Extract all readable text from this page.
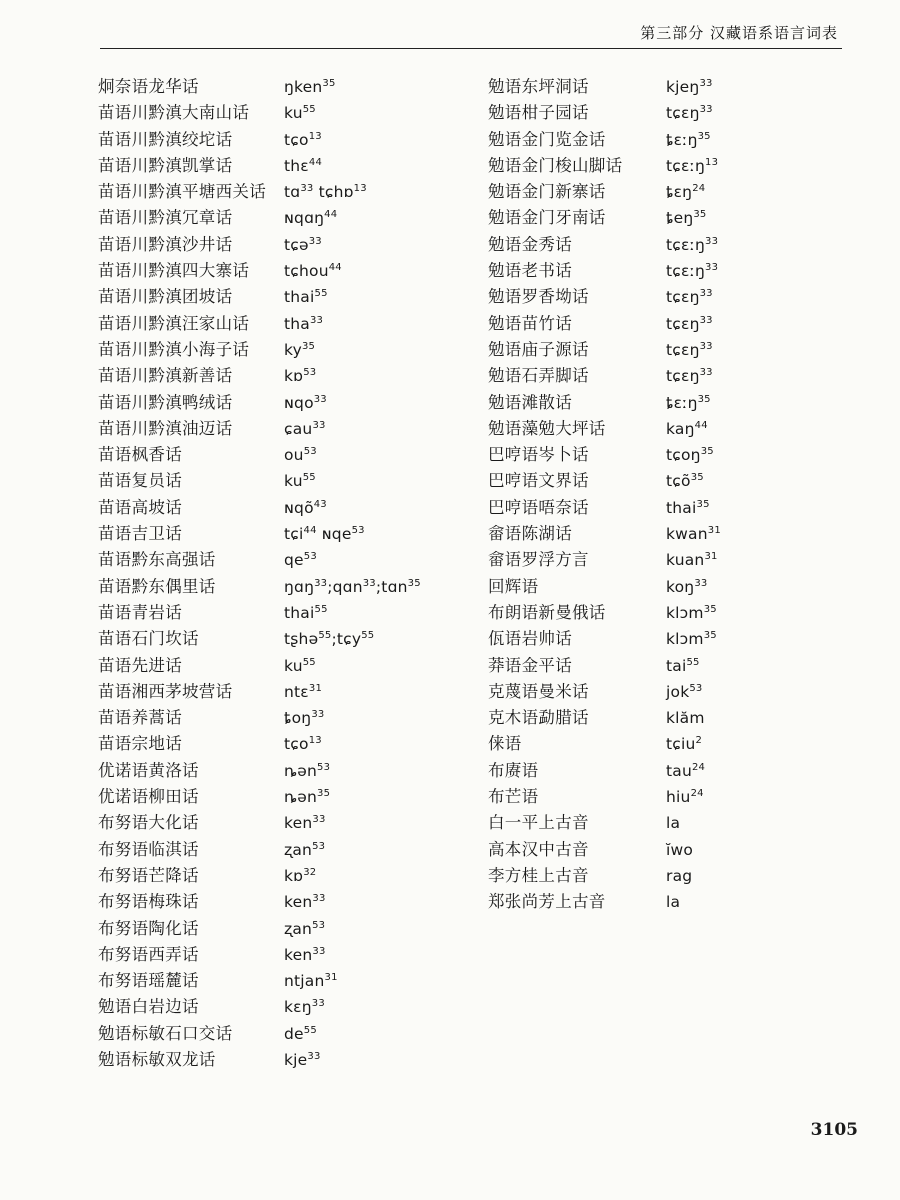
第三部分 汉藏语系语言词表
炯奈语龙华话	ŋken$^{35}$
苗语川黔滇大南山话	$ku^{55}$
苗语川黔滇绞坨话	tɕo$^{13}$
苗语川黔滇凯掌话	thɛ$^{44}$
苗语川黔滇平塘西关话	tɑ$^{33}$ tɕhɒ$^{13}$
苗语川黔滇冗章话	ɴqɑŋ$^{44}$
苗语川黔滇沙井话	tɕə$^{33}$
苗语川黔滇四大寨话	tɕhou$^{44}$
苗语川黔滇团坡话	thai$^{55}$
苗语川黔滇汪家山话	tha$^{33}$
苗语川黔滇小海子话	$ky^{35}$
苗语川黔滇新善话	kɒ$^{53}$
苗语川黔滇鸭绒话	ɴqo$^{33}$
苗语川黔滇油迈话	ɕau$^{33}$
苗语枫香话	$ou^{53}$
苗语复员话	$ku^{55}$
苗语高坡话	ɴqõ$^{43}$
苗语吉卫话	tɕi$^{44}$ ɴqe$^{53}$
苗语黔东高强话	$qe^{53}$
苗语黔东偶里话	ŋɑŋ$^{33}$;qɑn$^{33}$;tɑn$^{35}$
苗语青岩话	thai$^{55}$
苗语石门坎话	tʂhə$^{55}$;tɕy$^{55}$
苗语先进话	$ku^{55}$
苗语湘西茅坡营话	ntɛ$^{31}$
苗语养蒿话	ȶoŋ$^{33}$
苗语宗地话	tɕo$^{13}$
优诺语黄洛话	ȵən$^{53}$
优诺语柳田话	ȵən$^{35}$
布努语大化话	ken$^{33}$
布努语临淇话	ʐan$^{53}$
布努语芒降话	kɒ$^{32}$
布努语梅珠话	ken$^{33}$
布努语陶化话	ʐan$^{53}$
布努语西弄话	ken$^{33}$
布努语瑶麓话	ntjan$^{31}$
勉语白岩边话	kɛŋ$^{33}$
勉语标敏石口交话	$de^{55}$
勉语标敏双龙话	kje$^{33}$
勉语东坪洞话	kjeŋ$^{33}$
勉语柑子园话	tɕɛŋ$^{33}$
勉语金门览金话	ȶɛːŋ$^{35}$
勉语金门梭山脚话	tɕɛːŋ$^{13}$
勉语金门新寨话	ȶɛŋ$^{24}$
勉语金门牙南话	ȶeŋ$^{35}$
勉语金秀话	tɕɛːŋ$^{33}$
勉语老书话	tɕɛːŋ$^{33}$
勉语罗香坳话	tɕɛŋ$^{33}$
勉语苗竹话	tɕɛŋ$^{33}$
勉语庙子源话	tɕɛŋ$^{33}$
勉语石弄脚话	tɕɛŋ$^{33}$
勉语滩散话	ȶɛːŋ$^{35}$
勉语藻勉大坪话	kaŋ$^{44}$
巴哼语岑卜话	tɕoŋ$^{35}$
巴哼语文界话	tɕõ$^{35}$
巴哼语唔奈话	thai$^{35}$
畲语陈湖话	kwan$^{31}$
畲语罗浮方言	kuan$^{31}$
回辉语	koŋ$^{33}$
布朗语新曼俄话	klɔm$^{35}$
佤语岩帅话	klɔm$^{35}$
莽语金平话	tai$^{55}$
克蔑语曼米话	jok$^{53}$
克木语勐腊话	klăm
俫语	tɕiu$^2$
布赓语	tau$^{24}$
布芒语	hiu$^{24}$
白一平上古音	la
高本汉中古音	ĭwo
李方桂上古音	rag
郑张尚芳上古音	la
3105
